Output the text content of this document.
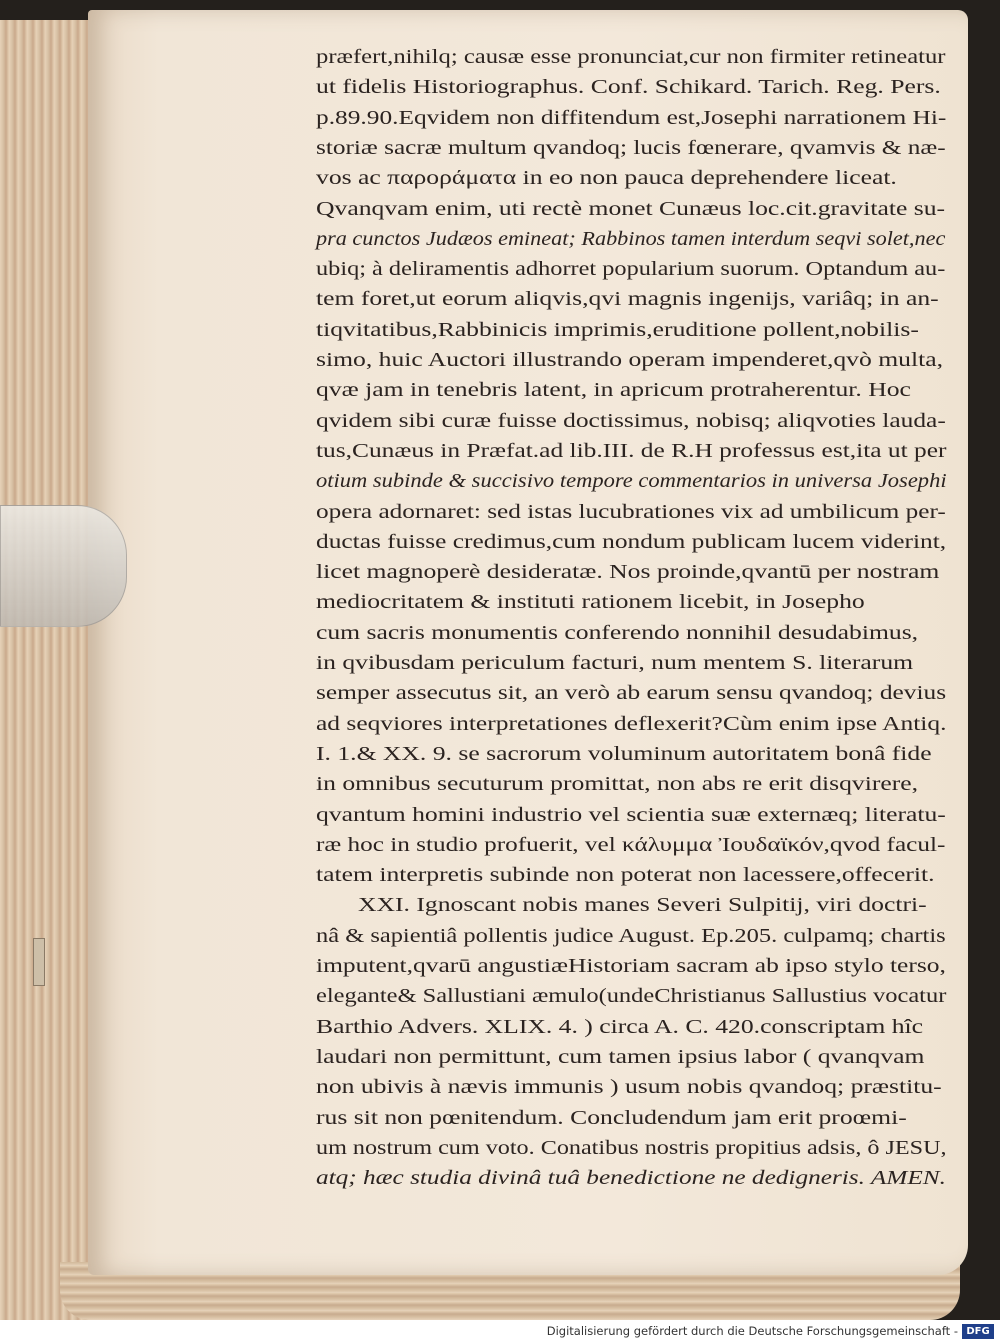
præfert,nihilq; causæ esse pronunciat,cur non firmiter retineatur
ut fidelis Historiographus. Conf. Schikard. Tarich. Reg. Pers.
p.89.90.Eqvidem non diffitendum est,Josephi narrationem Hi-
storiæ sacræ multum qvandoq; lucis fœnerare, qvamvis & næ-
vos ac παροράματα in eo non pauca deprehendere liceat.
Qvanqvam enim, uti rectè monet Cunæus loc.cit.gravitate su-
pra cunctos Judæos emineat; Rabbinos tamen interdum seqvi solet,nec
ubiq; à deliramentis adhorret popularium suorum. Optandum au-
tem foret,ut eorum aliqvis,qvi magnis ingenijs, variâq; in an-
tiqvitatibus,Rabbinicis imprimis,eruditione pollent,nobilis-
simo, huic Auctori illustrando operam impenderet,qvò multa,
qvæ jam in tenebris latent, in apricum protraherentur. Hoc
qvidem sibi curæ fuisse doctissimus, nobisq; aliqvoties lauda-
tus,Cunæus in Præfat.ad lib.III. de R.H professus est,ita ut per
otium subinde & succisivo tempore commentarios in universa Josephi
opera adornaret: sed istas lucubrationes vix ad umbilicum per-
ductas fuisse credimus,cum nondum publicam lucem viderint,
licet magnoperè desideratæ. Nos proinde,qvantū per nostram
mediocritatem & instituti rationem licebit, in Josepho
cum sacris monumentis conferendo nonnihil desudabimus,
in qvibusdam periculum facturi, num mentem S. literarum
semper assecutus sit, an verò ab earum sensu qvandoq; devius
ad seqviores interpretationes deflexerit?Cùm enim ipse Antiq.
I. 1.& XX. 9. se sacrorum voluminum autoritatem bonâ fide
in omnibus secuturum promittat, non abs re erit disqvirere,
qvantum homini industrio vel scientia suæ externæq; literatu-
ræ hoc in studio profuerit, vel κάλυμμα Ἰουδαϊκόν,qvod facul-
tatem interpretis subinde non poterat non lacessere,offecerit.
XXI. Ignoscant nobis manes Severi Sulpitij, viri doctri-
nâ & sapientiâ pollentis judice August. Ep.205. culpamq; chartis
imputent,qvarū angustiæHistoriam sacram ab ipso stylo terso,
elegante& Sallustiani æmulo(undeChristianus Sallustius vocatur
Barthio Advers. XLIX. 4. ) circa A. C. 420.conscriptam hîc
laudari non permittunt, cum tamen ipsius labor ( qvanqvam
non ubivis à nævis immunis ) usum nobis qvandoq; præstitu-
rus sit non pœnitendum. Concludendum jam erit proœmi-
um nostrum cum voto. Conatibus nostris propitius adsis, ô JESU,
atq; hæc studia divinâ tuâ benedictione ne dedigneris. AMEN.
Digitalisierung gefördert durch die Deutsche Forschungsgemeinschaft - DFG
